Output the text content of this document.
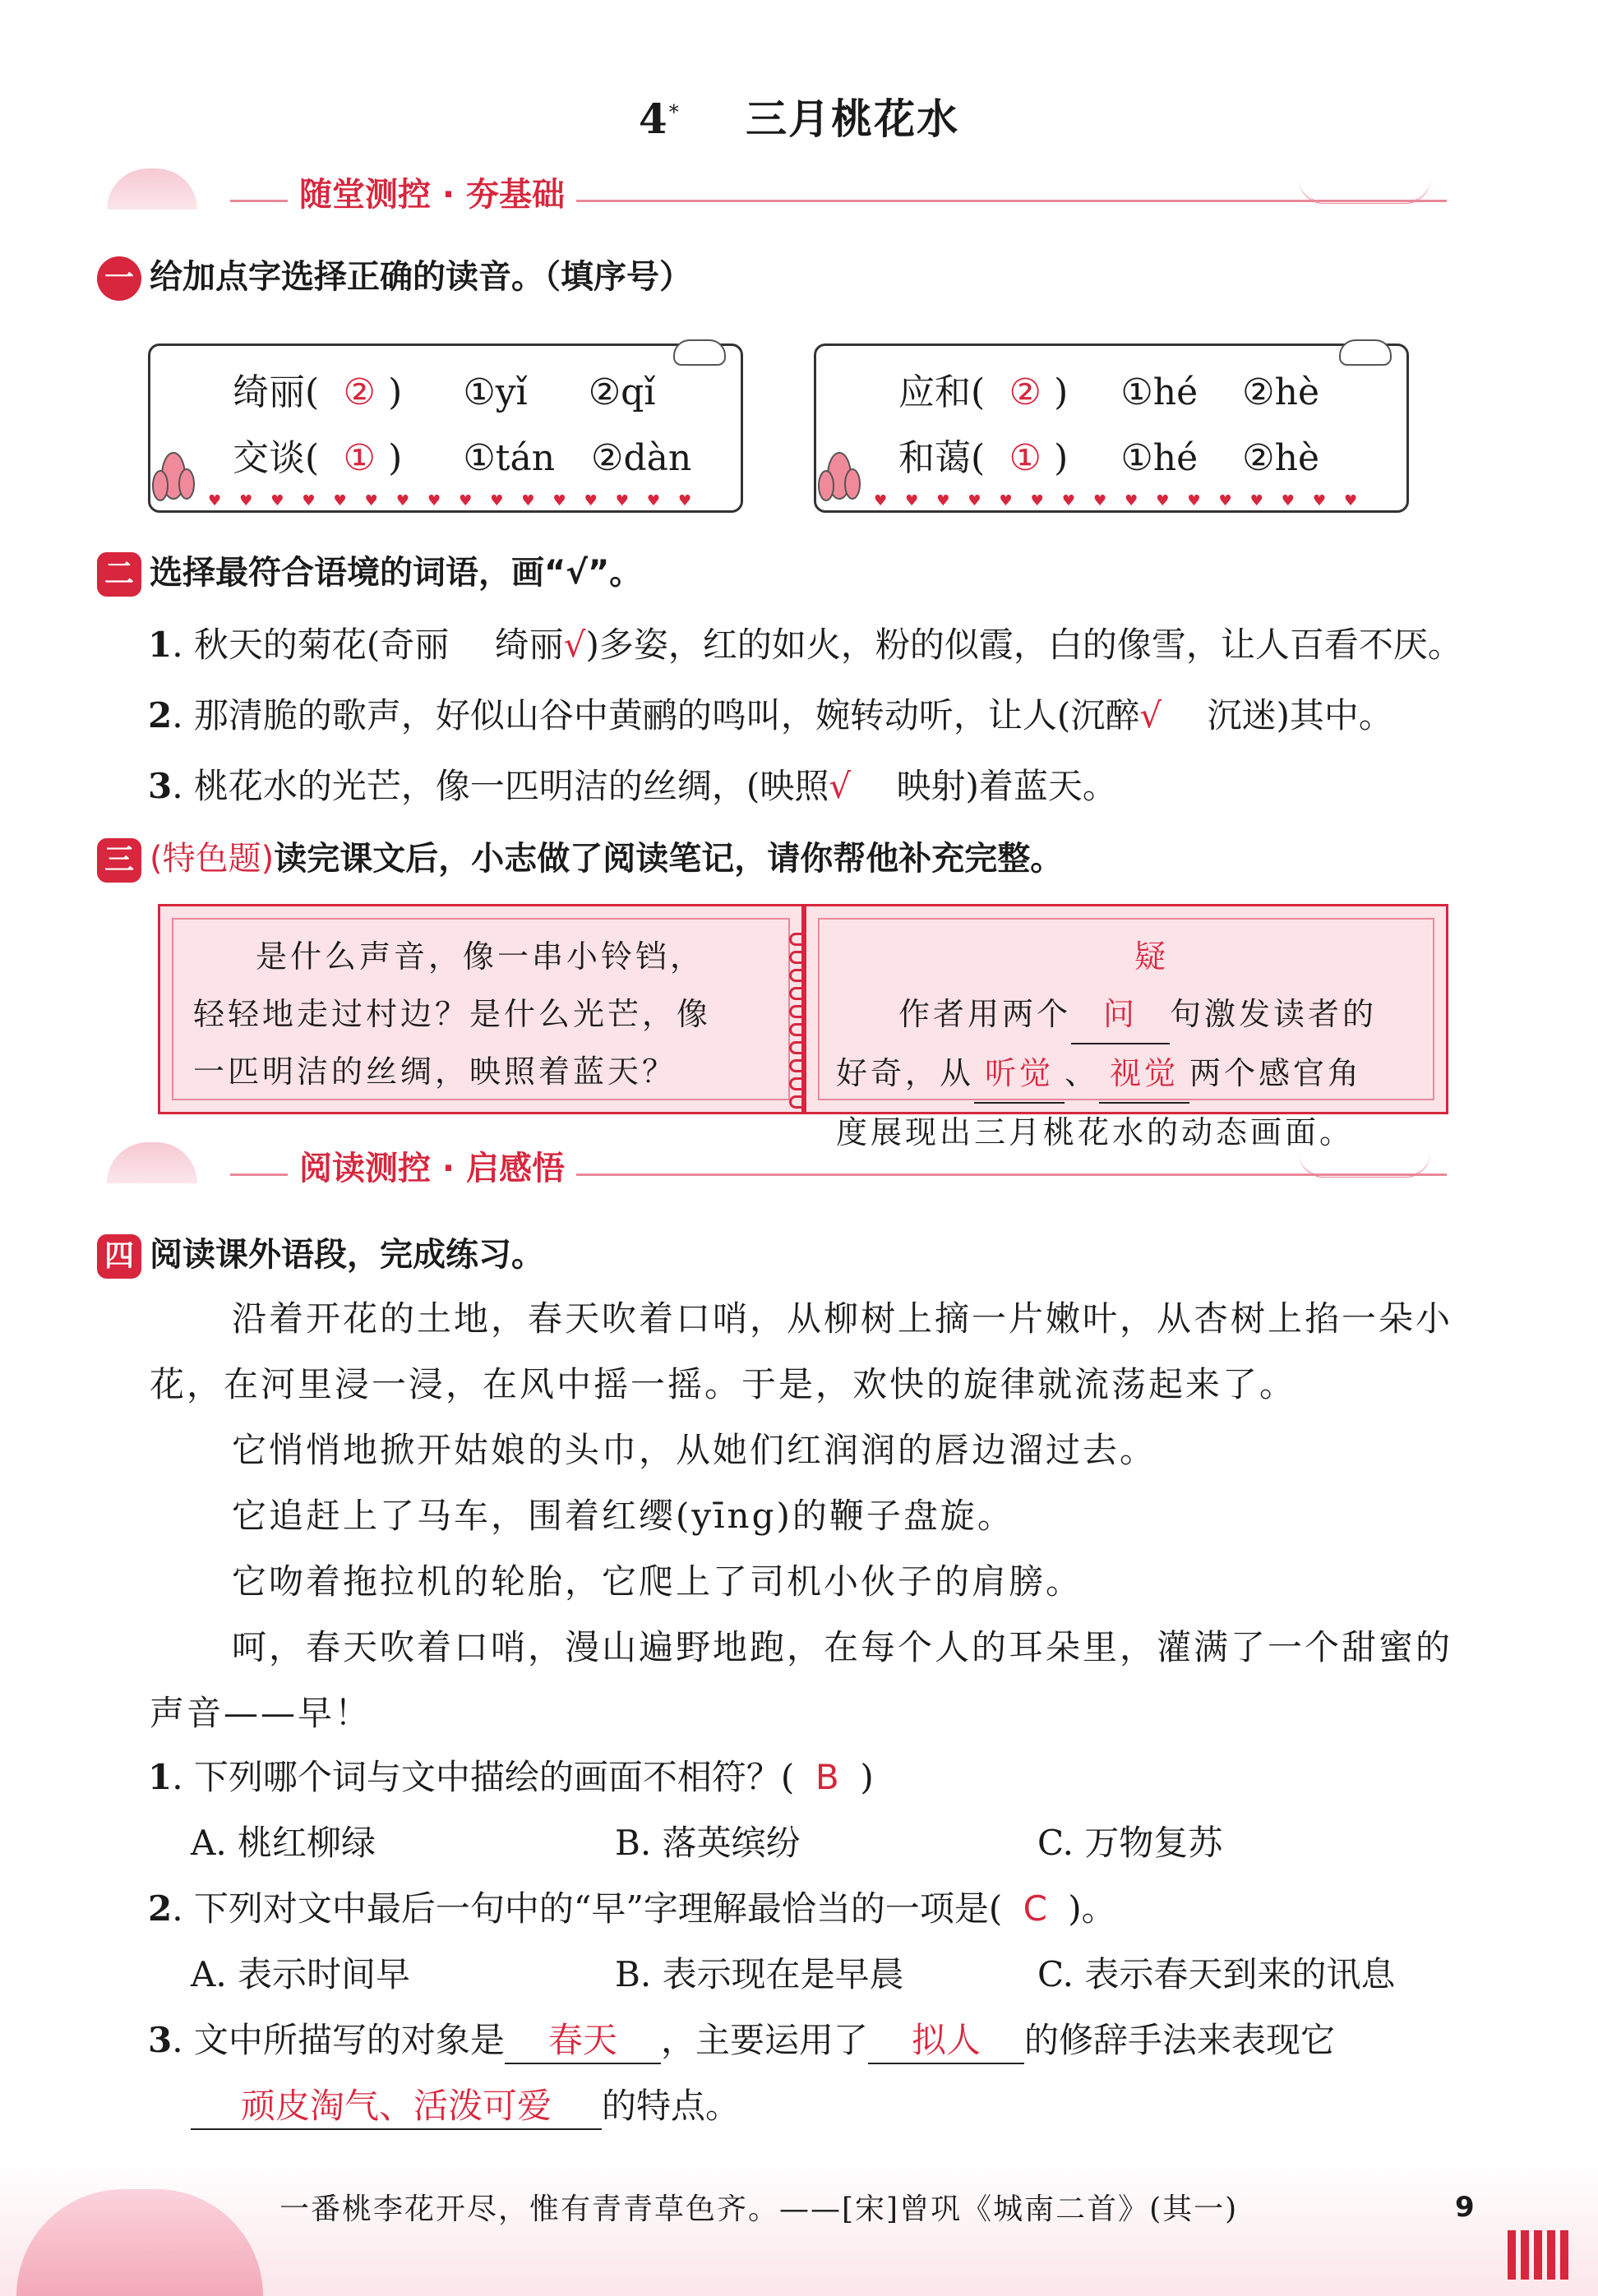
4* 三月桃花水
随堂测控 · 夯基础
一 给加点字选择正确的读音。（填序号）
♥♥♥♥♥♥♥♥♥♥♥♥♥♥♥♥
绮丽( ② ) ①yǐ ②qǐ
交谈( ① ) ①tán ②dàn
♥♥♥♥♥♥♥♥♥♥♥♥♥♥♥♥
应和( ② ) ①hé ②hè
和蔼( ① ) ①hé ②hè
二 选择最符合语境的词语，画“√”。
1. 秋天的菊花(奇丽　 绮丽√)多姿，红的如火，粉的似霞，白的像雪，让人百看不厌。
2. 那清脆的歌声，好似山谷中黄鹂的鸣叫，婉转动听，让人(沉醉√　 沉迷)其中。
3. 桃花水的光芒，像一匹明洁的丝绸，(映照√　 映射)着蓝天。
三 (特色题)读完课文后，小志做了阅读笔记，请你帮他补充完整。
是什么声音，像一串小铃铛，
轻轻地走过村边？是什么光芒，像
一匹明洁的丝绸，映照着蓝天？
作者用两个疑问 句激发读者的
好奇，从 听觉 、 视觉 两个感官角
度展现出三月桃花水的动态画面。
阅读测控 · 启感悟
四 阅读课外语段，完成练习。
沿着开花的土地，春天吹着口哨，从柳树上摘一片嫩叶，从杏树上掐一朵小花，在河里浸一浸，在风中摇一摇。于是，欢快的旋律就流荡起来了。
它悄悄地掀开姑娘的头巾，从她们红润润的唇边溜过去。
它追赶上了马车，围着红缨(yīng)的鞭子盘旋。
它吻着拖拉机的轮胎，它爬上了司机小伙子的肩膀。
呵，春天吹着口哨，漫山遍野地跑，在每个人的耳朵里，灌满了一个甜蜜的声音——早！
1. 下列哪个词与文中描绘的画面不相符？( B )
A. 桃红柳绿	B. 落英缤纷	C. 万物复苏
2. 下列对文中最后一句中的“早”字理解最恰当的一项是( C )。
A. 表示时间早	B. 表示现在是早晨	C. 表示春天到来的讯息
3. 文中所描写的对象是 春天 ，主要运用了 拟人 的修辞手法来表现它
顽皮淘气、活泼可爱 的特点。
一番桃李花开尽，惟有青青草色齐。——[宋]曾巩《城南二首》(其一)	9
